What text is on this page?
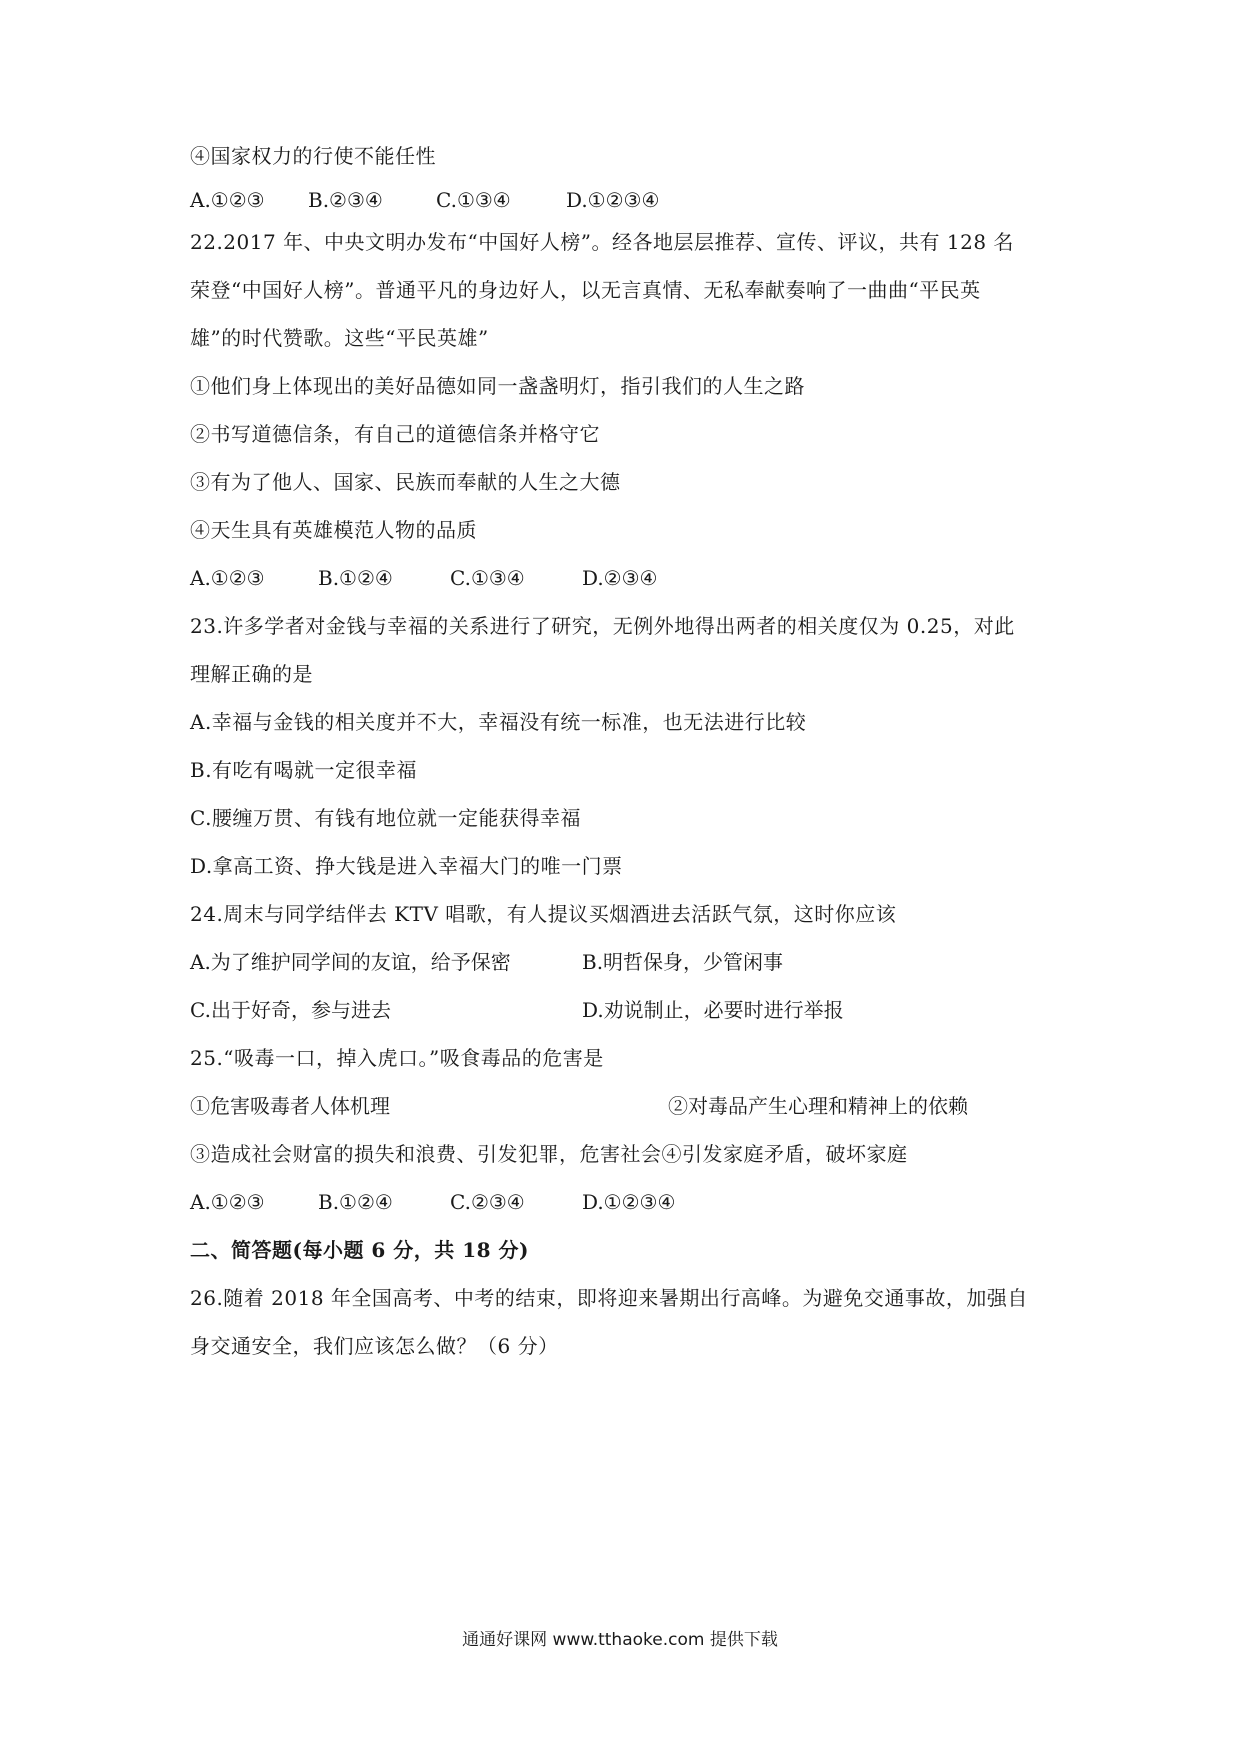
④国家权力的行使不能任性
A.①②③ B.②③④	C.①③④	D.①②③④
22.2017 年、中央文明办发布“中国好人榜”。经各地层层推荐、宣传、评议，共有 128 名
荣登“中国好人榜”。普通平凡的身边好人，以无言真情、无私奉献奏响了一曲曲“平民英
雄”的时代赞歌。这些“平民英雄”
①他们身上体现出的美好品德如同一盏盏明灯，指引我们的人生之路
②书写道德信条，有自己的道德信条并格守它
③有为了他人、国家、民族而奉献的人生之大德
④天生具有英雄模范人物的品质
A.①②③	B.①②④	C.①③④	D.②③④
23.许多学者对金钱与幸福的关系进行了研究，无例外地得出两者的相关度仅为 0.25，对此
理解正确的是
A.幸福与金钱的相关度并不大，幸福没有统一标准，也无法进行比较
B.有吃有喝就一定很幸福
C.腰缠万贯、有钱有地位就一定能获得幸福
D.拿高工资、挣大钱是进入幸福大门的唯一门票
24.周末与同学结伴去 KTV 唱歌，有人提议买烟酒进去活跃气氛，这时你应该
A.为了维护同学间的友谊，给予保密	B.明哲保身，少管闲事
C.出于好奇，参与进去	D.劝说制止，必要时进行举报
25.“吸毒一口，掉入虎口。”吸食毒品的危害是
①危害吸毒者人体机理	②对毒品产生心理和精神上的依赖
③造成社会财富的损失和浪费、引发犯罪，危害社会④引发家庭矛盾，破坏家庭
A.①②③	B.①②④	C.②③④	D.①②③④
二、简答题(每小题 6 分，共 18 分)
26.随着 2018 年全国高考、中考的结束，即将迎来暑期出行高峰。为避免交通事故，加强自
身交通安全，我们应该怎么做？（6 分）
通通好课网 www.tthaoke.com 提供下载
